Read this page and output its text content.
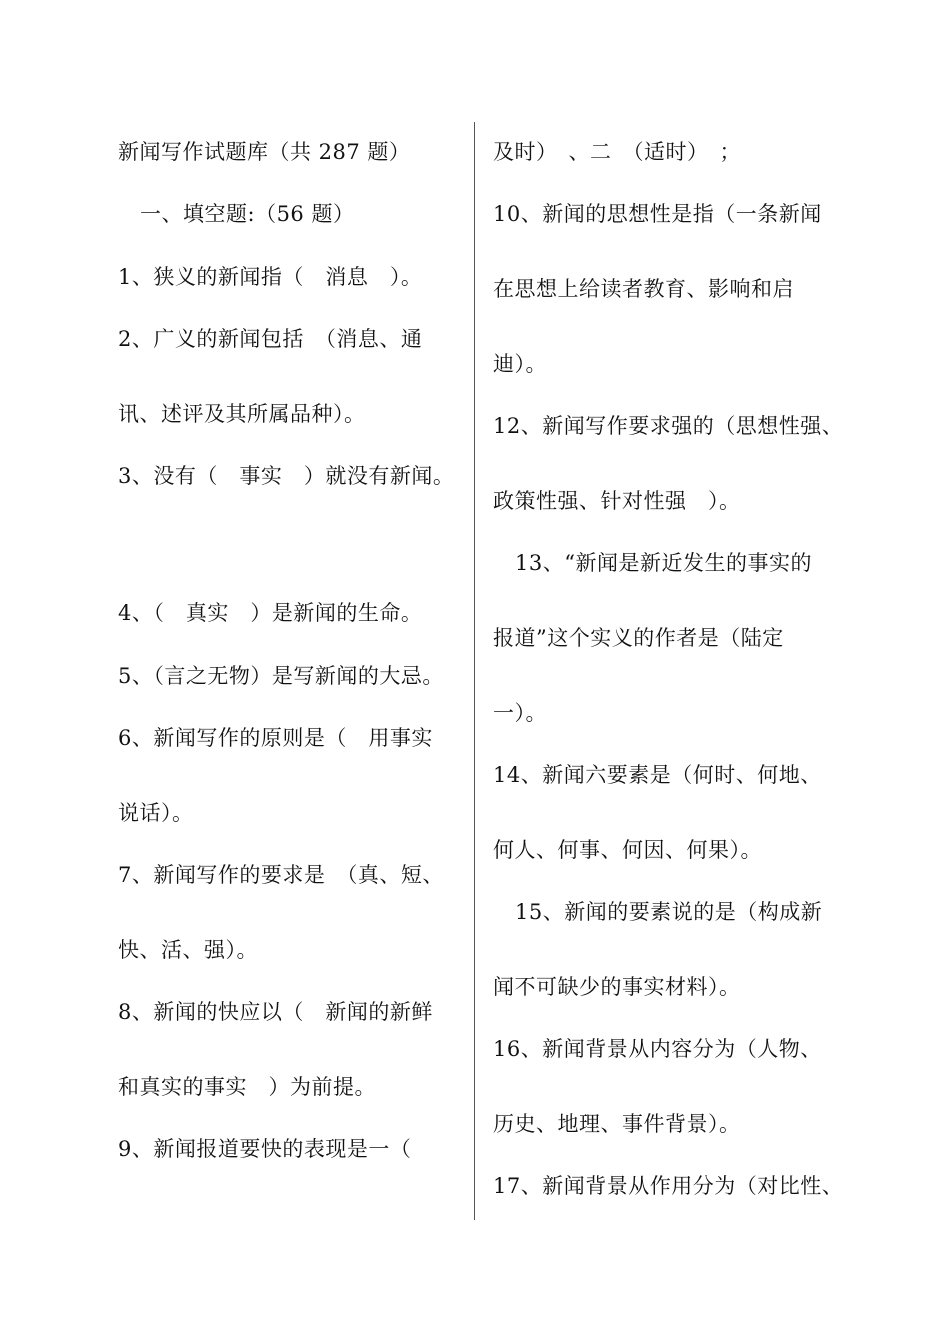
新闻写作试题库（共 287 题）
一、填空题:（56 题）
1、狭义的新闻指（　消息　）。
2、广义的新闻包括　（消息、通
讯、述评及其所属品种）。
3、没有（　事实　）就没有新闻。
4、（　真实　）是新闻的生命。
5、（言之无物）是写新闻的大忌。
6、新闻写作的原则是（　用事实
说话）。
7、新闻写作的要求是　（真、短、
快、活、强）。
8、新闻的快应以（　新闻的新鲜
和真实的事实　）为前提。
9、新闻报道要快的表现是一（
及时）　、二　（适时）　；
10、新闻的思想性是指（一条新闻
在思想上给读者教育、影响和启
迪）。
12、新闻写作要求强的（思想性强、
政策性强、针对性强　）。
13、“新闻是新近发生的事实的
报道”这个实义的作者是（陆定
一）。
14、新闻六要素是（何时、何地、
何人、何事、何因、何果）。
15、新闻的要素说的是（构成新
闻不可缺少的事实材料）。
16、新闻背景从内容分为（人物、
历史、地理、事件背景）。
17、新闻背景从作用分为（对比性、
